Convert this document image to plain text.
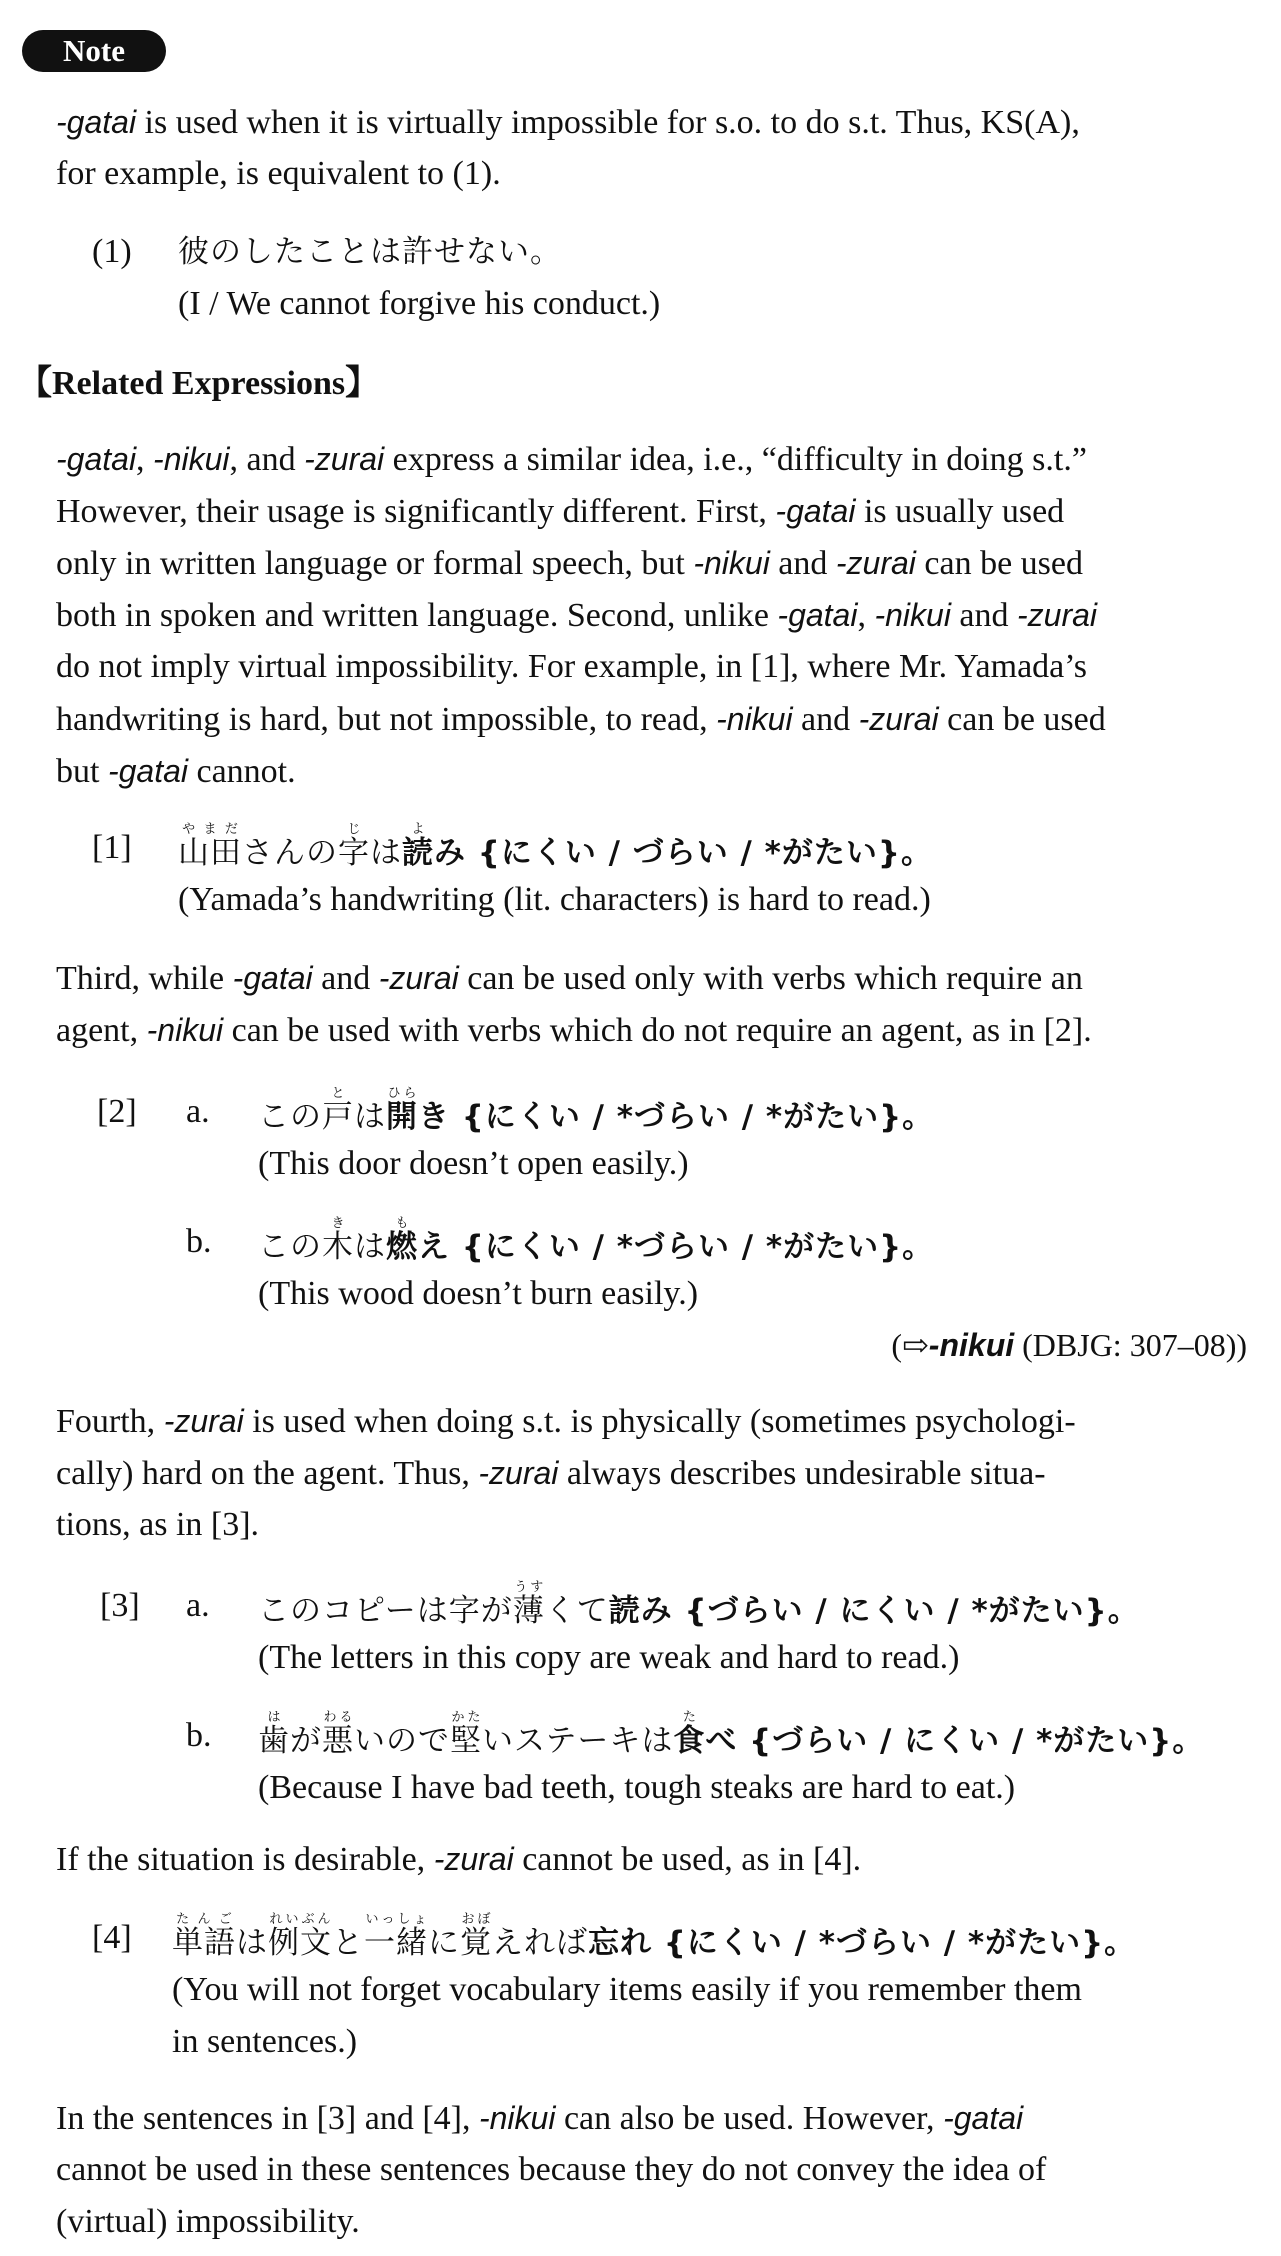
Note
-gatai is used when it is virtually impossible for s.o. to do s.t. Thus, KS(A),
for example, is equivalent to (1).
(1) 彼のしたことは許せない。
(I / We cannot forgive his conduct.)
【Related Expressions】
-gatai, -nikui, and -zurai express a similar idea, i.e., “difficulty in doing s.t.”
However, their usage is significantly different. First, -gatai is usually used
only in written language or formal speech, but -nikui and -zurai can be used
both in spoken and written language. Second, unlike -gatai, -nikui and -zurai
do not imply virtual impossibility. For example, in [1], where Mr. Yamada’s
handwriting is hard, but not impossible, to read, -nikui and -zurai can be used
but -gatai cannot.
[1] 山田やまださんの字じは読よみ {にくい / づらい / *がたい}。
(Yamada’s handwriting (lit. characters) is hard to read.)
Third, while -gatai and -zurai can be used only with verbs which require an
agent, -nikui can be used with verbs which do not require an agent, as in [2].
[2] a. この戸とは開ひらき {にくい / *づらい / *がたい}。
(This door doesn’t open easily.)
b. この木きは燃もえ {にくい / *づらい / *がたい}。
(This wood doesn’t burn easily.)
(⇨-nikui (DBJG: 307–08))
Fourth, -zurai is used when doing s.t. is physically (sometimes psychologi-
cally) hard on the agent. Thus, -zurai always describes undesirable situa-
tions, as in [3].
[3] a. このコピーは字が薄うすくて読み {づらい / にくい / *がたい}。
(The letters in this copy are weak and hard to read.)
b. 歯はが悪わるいので堅かたいステーキは食たべ {づらい / にくい / *がたい}。
(Because I have bad teeth, tough steaks are hard to eat.)
If the situation is desirable, -zurai cannot be used, as in [4].
[4] 単語たんごは例文れいぶんと一緒いっしょに覚おぼえれば忘れ {にくい / *づらい / *がたい}。
(You will not forget vocabulary items easily if you remember them
in sentences.)
In the sentences in [3] and [4], -nikui can also be used. However, -gatai
cannot be used in these sentences because they do not convey the idea of
(virtual) impossibility.
